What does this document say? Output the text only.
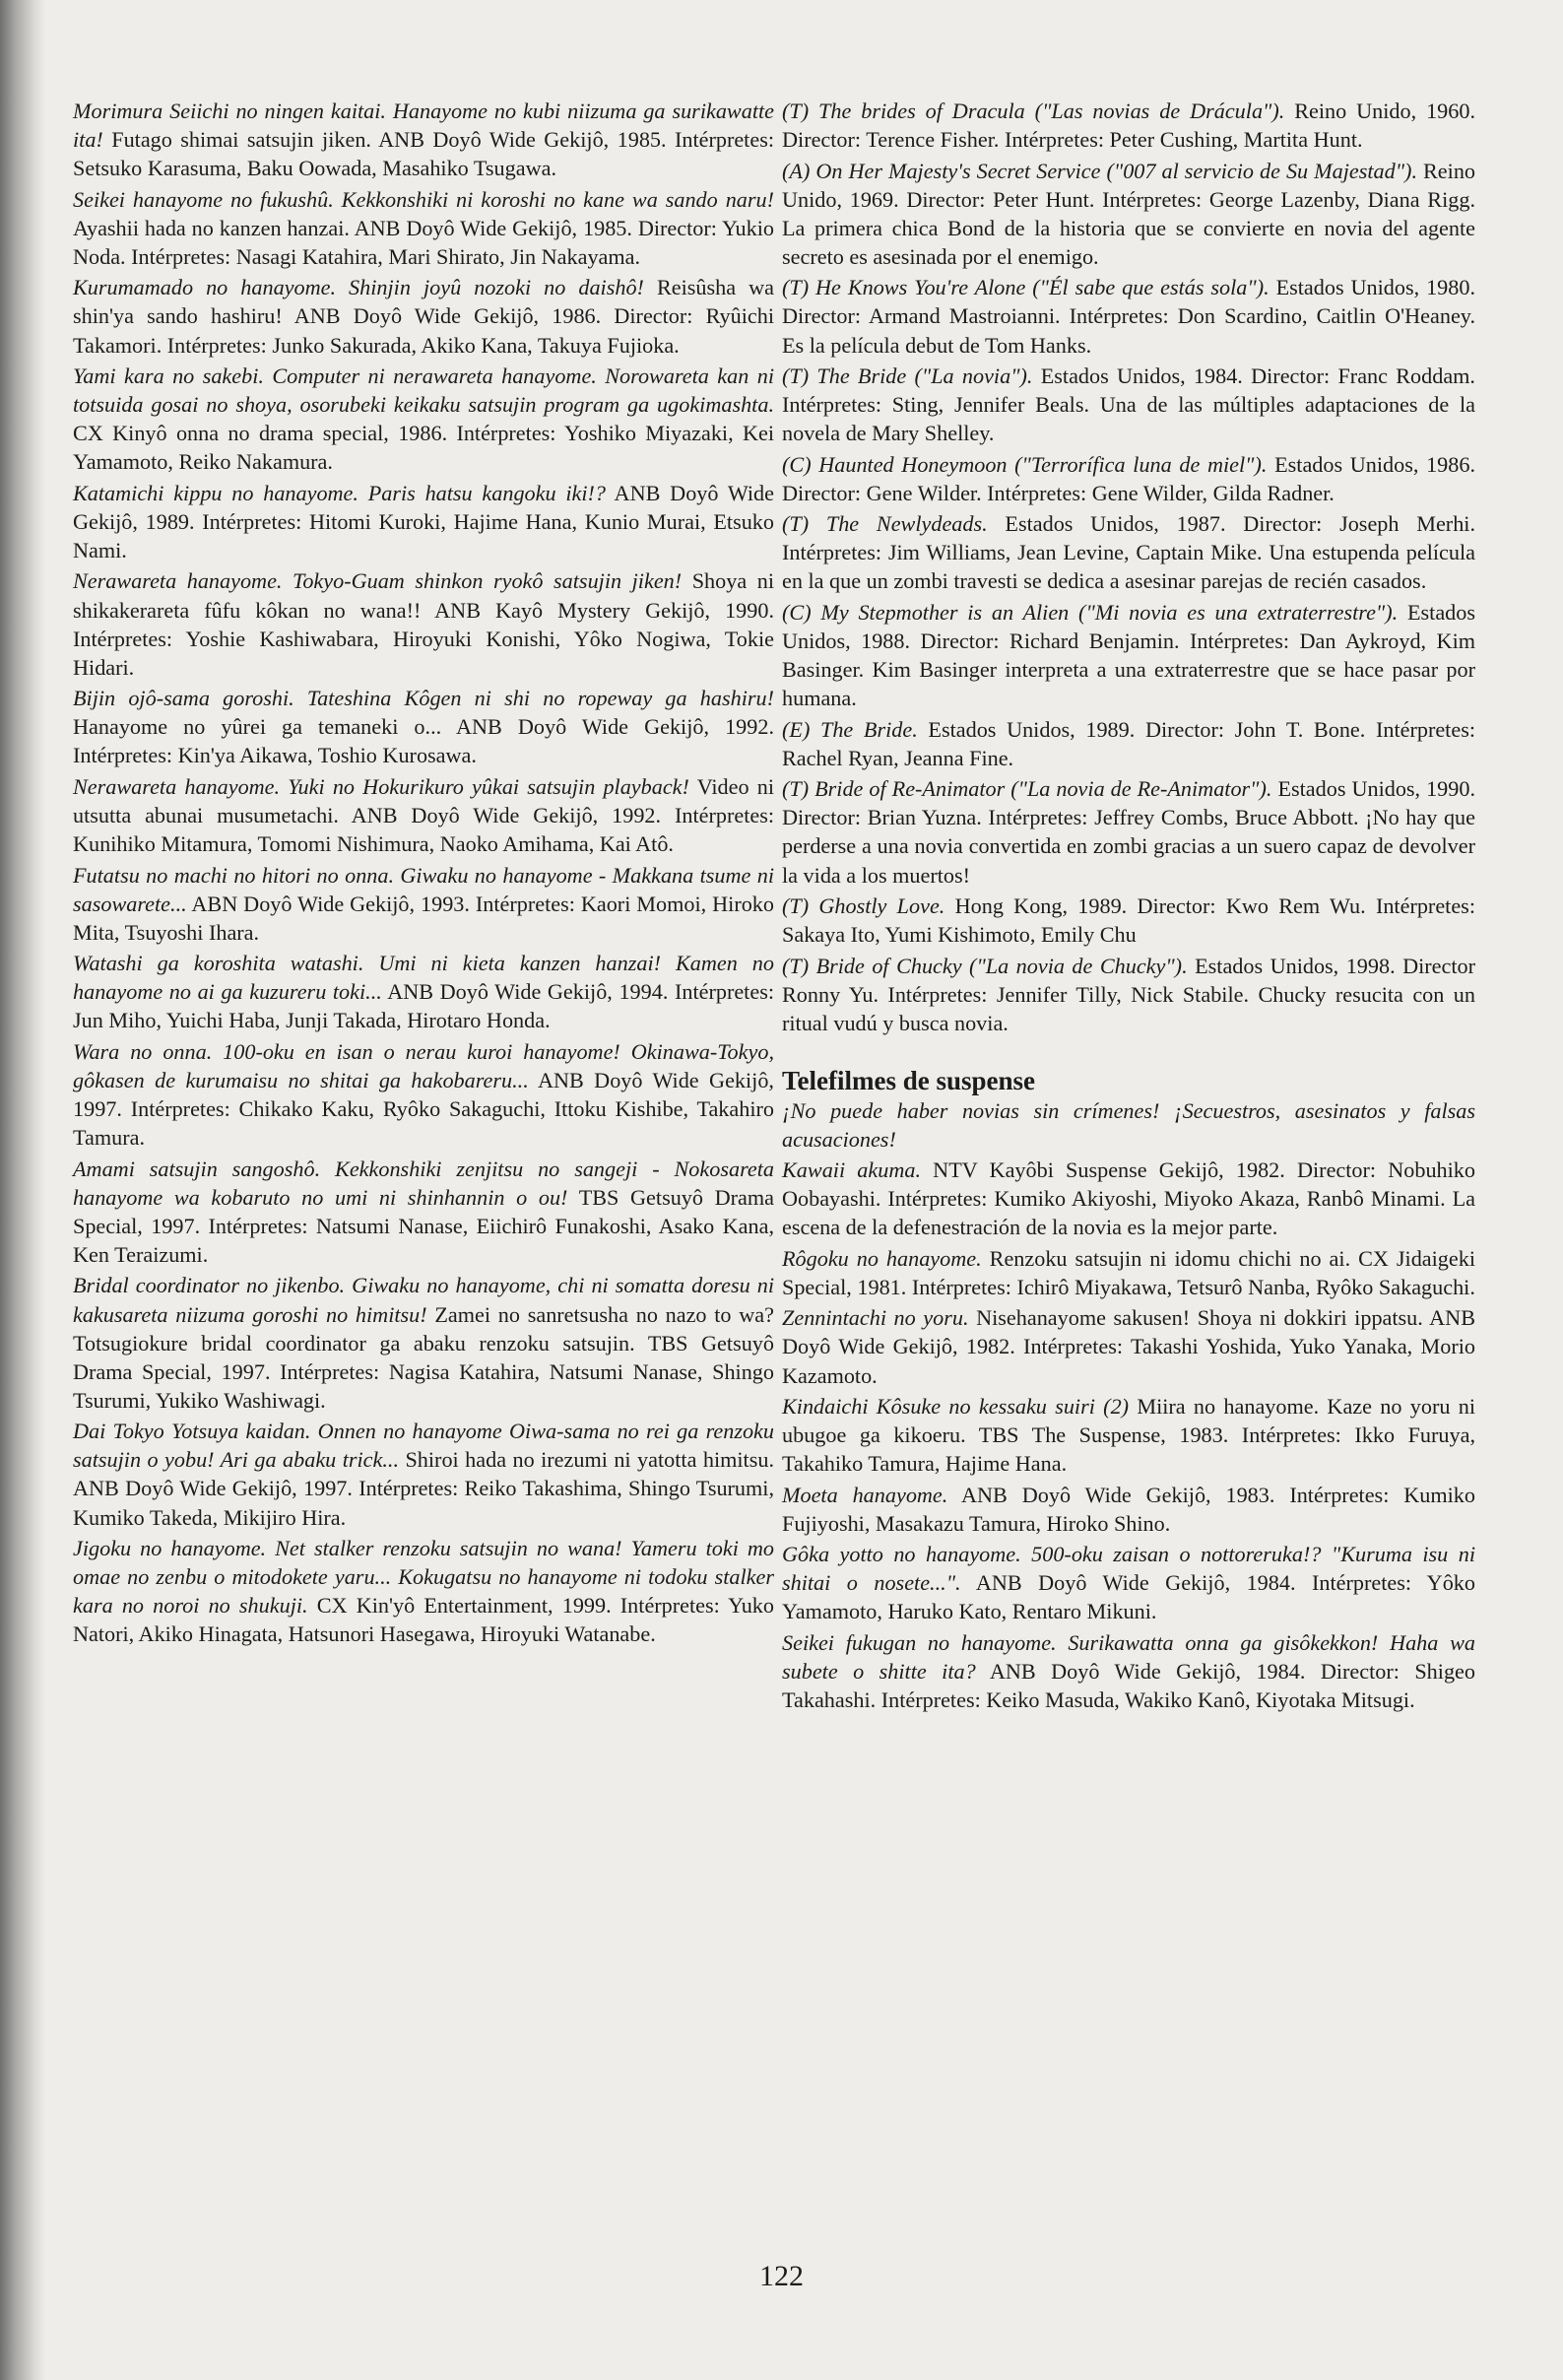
Morimura Seiichi no ningen kaitai. Hanayome no kubi niizuma ga surikawatte ita! Futago shimai satsujin jiken. ANB Doyô Wide Gekijô, 1985. Intérpretes: Setsuko Karasuma, Baku Oowada, Masahiko Tsugawa.

Seikei hanayome no fukushû. Kekkonshiki ni koroshi no kane wa sando naru! Ayashii hada no kanzen hanzai. ANB Doyô Wide Gekijô, 1985. Director: Yukio Noda. Intérpretes: Nasagi Katahira, Mari Shirato, Jin Nakayama.

Kurumamado no hanayome. Shinjin joyû nozoki no daishô! Reisûsha wa shin'ya sando hashiru! ANB Doyô Wide Gekijô, 1986. Director: Ryûichi Takamori. Intérpretes: Junko Sakurada, Akiko Kana, Takuya Fujioka.

Yami kara no sakebi. Computer ni nerawareta hanayome. Norowareta kan ni totsuida gosai no shoya, osorubeki keikaku satsujin program ga ugokimashta. CX Kinyô onna no drama special, 1986. Intérpretes: Yoshiko Miyazaki, Kei Yamamoto, Reiko Nakamura.

Katamichi kippu no hanayome. Paris hatsu kangoku iki!? ANB Doyô Wide Gekijô, 1989. Intérpretes: Hitomi Kuroki, Hajime Hana, Kunio Murai, Etsuko Nami.

Nerawareta hanayome. Tokyo-Guam shinkon ryokô satsujin jiken! Shoya ni shikakerareta fûfu kôkan no wana!! ANB Kayô Mystery Gekijô, 1990. Intérpretes: Yoshie Kashiwabara, Hiroyuki Konishi, Yôko Nogiwa, Tokie Hidari.

Bijin ojô-sama goroshi. Tateshina Kôgen ni shi no ropeway ga hashiru! Hanayome no yûrei ga temaneki o... ANB Doyô Wide Gekijô, 1992. Intérpretes: Kin'ya Aikawa, Toshio Kurosawa.

Nerawareta hanayome. Yuki no Hokurikuro yûkai satsujin playback! Video ni utsutta abunai musumetachi. ANB Doyô Wide Gekijô, 1992. Intérpretes: Kunihiko Mitamura, Tomomi Nishimura, Naoko Amihama, Kai Atô.

Futatsu no machi no hitori no onna. Giwaku no hanayome - Makkana tsume ni sasowarete... ABN Doyô Wide Gekijô, 1993. Intérpretes: Kaori Momoi, Hiroko Mita, Tsuyoshi Ihara.

Watashi ga koroshita watashi. Umi ni kieta kanzen hanzai! Kamen no hanayome no ai ga kuzureru toki... ANB Doyô Wide Gekijô, 1994. Intérpretes: Jun Miho, Yuichi Haba, Junji Takada, Hirotaro Honda.

Wara no onna. 100-oku en isan o nerau kuroi hanayome! Okinawa-Tokyo, gôkasen de kurumaisu no shitai ga hakobareru... ANB Doyô Wide Gekijô, 1997. Intérpretes: Chikako Kaku, Ryôko Sakaguchi, Ittoku Kishibe, Takahiro Tamura.

Amami satsujin sangoshô. Kekkonshiki zenjitsu no sangeji - Nokosareta hanayome wa kobaruto no umi ni shinhannin o ou! TBS Getsuyô Drama Special, 1997. Intérpretes: Natsumi Nanase, Eiichirô Funakoshi, Asako Kana, Ken Teraizumi.

Bridal coordinator no jikenbo. Giwaku no hanayome, chi ni somatta doresu ni kakusareta niizuma goroshi no himitsu! Zamei no sanretsusha no nazo to wa? Totsugiokure bridal coordinator ga abaku renzoku satsujin. TBS Getsuyô Drama Special, 1997. Intérpretes: Nagisa Katahira, Natsumi Nanase, Shingo Tsurumi, Yukiko Washiwagi.

Dai Tokyo Yotsuya kaidan. Onnen no hanayome Oiwa-sama no rei ga renzoku satsujin o yobu! Ari ga abaku trick... Shiroi hada no irezumi ni yatotta himitsu. ANB Doyô Wide Gekijô, 1997. Intérpretes: Reiko Takashima, Shingo Tsurumi, Kumiko Takeda, Mikijiro Hira.

Jigoku no hanayome. Net stalker renzoku satsujin no wana! Yameru toki mo omae no zenbu o mitodokete yaru... Kokugatsu no hanayome ni todoku stalker kara no noroi no shukuji. CX Kin'yô Entertainment, 1999. Intérpretes: Yuko Natori, Akiko Hinagata, Hatsunori Hasegawa, Hiroyuki Watanabe.

(T) The brides of Dracula ("Las novias de Drácula"). Reino Unido, 1960. Director: Terence Fisher. Intérpretes: Peter Cushing, Martita Hunt.

(A) On Her Majesty's Secret Service ("007 al servicio de Su Majestad"). Reino Unido, 1969. Director: Peter Hunt. Intérpretes: George Lazenby, Diana Rigg. La primera chica Bond de la historia que se convierte en novia del agente secreto es asesinada por el enemigo.

(T) He Knows You're Alone ("Él sabe que estás sola"). Estados Unidos, 1980. Director: Armand Mastroianni. Intérpretes: Don Scardino, Caitlin O'Heaney. Es la película debut de Tom Hanks.

(T) The Bride ("La novia"). Estados Unidos, 1984. Director: Franc Roddam. Intérpretes: Sting, Jennifer Beals. Una de las múltiples adaptaciones de la novela de Mary Shelley.

(C) Haunted Honeymoon ("Terrorífica luna de miel"). Estados Unidos, 1986. Director: Gene Wilder. Intérpretes: Gene Wilder, Gilda Radner.

(T) The Newlydeads. Estados Unidos, 1987. Director: Joseph Merhi. Intérpretes: Jim Williams, Jean Levine, Captain Mike. Una estupenda película en la que un zombi travesti se dedica a asesinar parejas de recién casados.

(C) My Stepmother is an Alien ("Mi novia es una extraterrestre"). Estados Unidos, 1988. Director: Richard Benjamin. Intérpretes: Dan Aykroyd, Kim Basinger. Kim Basinger interpreta a una extraterrestre que se hace pasar por humana.

(E) The Bride. Estados Unidos, 1989. Director: John T. Bone. Intérpretes: Rachel Ryan, Jeanna Fine.

(T) Bride of Re-Animator ("La novia de Re-Animator"). Estados Unidos, 1990. Director: Brian Yuzna. Intérpretes: Jeffrey Combs, Bruce Abbott. ¡No hay que perderse a una novia convertida en zombi gracias a un suero capaz de devolver la vida a los muertos!

(T) Ghostly Love. Hong Kong, 1989. Director: Kwo Rem Wu. Intérpretes: Sakaya Ito, Yumi Kishimoto, Emily Chu

(T) Bride of Chucky ("La novia de Chucky"). Estados Unidos, 1998. Director Ronny Yu. Intérpretes: Jennifer Tilly, Nick Stabile. Chucky resucita con un ritual vudú y busca novia.

Telefilmes de suspense

¡No puede haber novias sin crímenes! ¡Secuestros, asesinatos y falsas acusaciones!

Kawaii akuma. NTV Kayôbi Suspense Gekijô, 1982. Director: Nobuhiko Oobayashi. Intérpretes: Kumiko Akiyoshi, Miyoko Akaza, Ranbô Minami. La escena de la defenestración de la novia es la mejor parte.

Rôgoku no hanayome. Renzoku satsujin ni idomu chichi no ai. CX Jidaigeki Special, 1981. Intérpretes: Ichirô Miyakawa, Tetsurô Nanba, Ryôko Sakaguchi.

Zennintachi no yoru. Nisehanayome sakusen! Shoya ni dokkiri ippatsu. ANB Doyô Wide Gekijô, 1982. Intérpretes: Takashi Yoshida, Yuko Yanaka, Morio Kazamoto.

Kindaichi Kôsuke no kessaku suiri (2) Miira no hanayome. Kaze no yoru ni ubugoe ga kikoeru. TBS The Suspense, 1983. Intérpretes: Ikko Furuya, Takahiko Tamura, Hajime Hana.

Moeta hanayome. ANB Doyô Wide Gekijô, 1983. Intérpretes: Kumiko Fujiyoshi, Masakazu Tamura, Hiroko Shino.

Gôka yotto no hanayome. 500-oku zaisan o nottoreruka!? "Kuruma isu ni shitai o nosete...". ANB Doyô Wide Gekijô, 1984. Intérpretes: Yôko Yamamoto, Haruko Kato, Rentaro Mikuni.

Seikei fukugan no hanayome. Surikawatta onna ga gisôkekkon! Haha wa subete o shitte ita? ANB Doyô Wide Gekijô, 1984. Director: Shigeo Takahashi. Intérpretes: Keiko Masuda, Wakiko Kanô, Kiyotaka Mitsugi.

122
